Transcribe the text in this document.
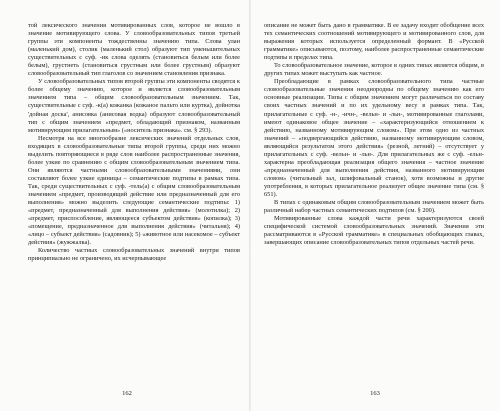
той лексического значения мотивированных слов, которое не вошло в значение мотивирующего слова. У словообразовательных типов третьей группы эти компоненты тождественны значению типа. Слова улан (маленький дом), столик (маленький стол) образуют тип уменьшительных существительных с суф. -ик слова оделять (становиться белым или более белым), грустнеть (становиться грустным или более грустным) образуют словообразовательный тип глаголов со значением становления признака.

У словообразовательных типов второй группы эти компоненты сводятся к более общему значению, которое и является словообразовательным значением типа – общим словообразовательным значением. Так, существительные с суф. -к(а) кожанка (кожаное пальто или куртка), дойнотка 'дойная доска', анисовка (анисовая водка) образуют словообразовательный тип с общим значением «предмет, обладающий признаком, названным мотивирующим прилагательным» («носитель признака». см. § 293).

Несмотря на все многообразие лексических значений отдельных слов, входящих в словообразовательные типы второй группы, среди них можно выделить повторяющиеся в ряде слов наиболее распространенные значения, более узкие по сравнению с общим словообразовательным значением типа. Они являются частными словообразовательными значениями, они составляют более узкие единицы – семантические подтипы в рамках типа. Так, среди существительных с суф. -тель(а) с общим словообразовательным значением «предмет, производящий действие или предназначенный для его выполнения» можно выделить следующие семантические подтипы: 1) «предмет, предназначенный для выполнения действия» (молотилка); 2) «предмет, приспособление, являющееся субъектом действия» (копилка); 3) «помещение, предназначенное для выполнения действия» (читальня); 4) «лицо – субъект действия» (садовник); 5) «животное или насекомое – субъект действия» (жужжалка).

Количество частных словообразовательных значений внутри типов принципиально не ограничено, их исчерпывающее

162

описание не может быть дано в грамматике. В ее задачу входит обобщение всех тех семантических соотношений мотивирующего и мотивированного слов, для выражения которых используется определенный формант. В «Русской грамматике» описываются, поэтому, наиболее распространенные семантические подтипы в пределах типа.

То словообразовательное значение, которое в одних типах является общим, в других типах может выступать как частное.

Преобладающие в рамках словообразовательного типа частные словообразовательные значения неоднородны по общему значению как его основные реализации. Типы с общим значением могут различаться по составу своих частных значений и по их удельному весу в рамках типа. Так, прилагательные с суф. -н-, -ичн-, -вельн- и -льн-, мотивированные глаголами, имеют одинаковое общее значение – «характеризующийся отношением к действию, названному мотивирующим словом». При этом одно из частных значений – «подвергающийся действию, названному мотивирующим словом, являющийся результатом этого действия» (резной, летний) – отсутствует у прилагательных с суф. -вельн- и -льн-. Для прилагательных же с суф. -ельн- характерна преобладающая реализация общего значения – частное значение «предназначенный для выполнения действия, названного мотивирующим словом» (читальный зал, шлифовальный станок), хотя возможны и другие употребления, в которых прилагательное реализует общее значение типа (см. § 651).

В типах с одинаковым общим словообразовательным значением может быть различный набор частных семантических подтипов (см. § 200).

Мотивированные слова каждой части речи характеризуются своей специфической системой словообразовательных значений. Значения эти рассматриваются в «Русской грамматике» в специальных обобщающих главах, завершающих описание словообразовательных типов отдельных частей речи.

163
